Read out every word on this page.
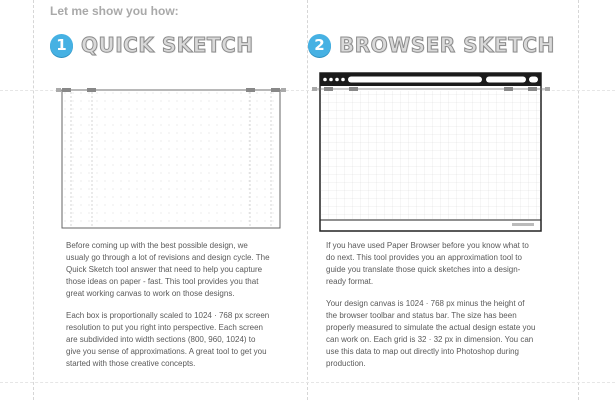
Let me show you how:
1 QUICK SKETCH

Before coming up with the best possible design, we usualy go through a lot of revisions and design cycle. The Quick Sketch tool answer that need to help you capture those ideas on paper - fast. This tool provides you that great working canvas to work on those designs.

Each box is proportionally scaled to 1024 · 768 px screen resolution to put you right into perspective. Each screen are subdivided into width sections (800, 960, 1024) to give you sense of approximations. A great tool to get you started with those creative concepts.

2 BROWSER SKETCH

If you have used Paper Browser before you know what to do next. This tool provides you an approximation tool to guide you translate those quick sketches into a design-ready format.

Your design canvas is 1024 · 768 px minus the height of the browser toolbar and status bar. The size has been properly measured to simulate the actual design estate you can work on. Each grid is 32 · 32 px in dimension. You can use this data to map out directly into Photoshop during production.
